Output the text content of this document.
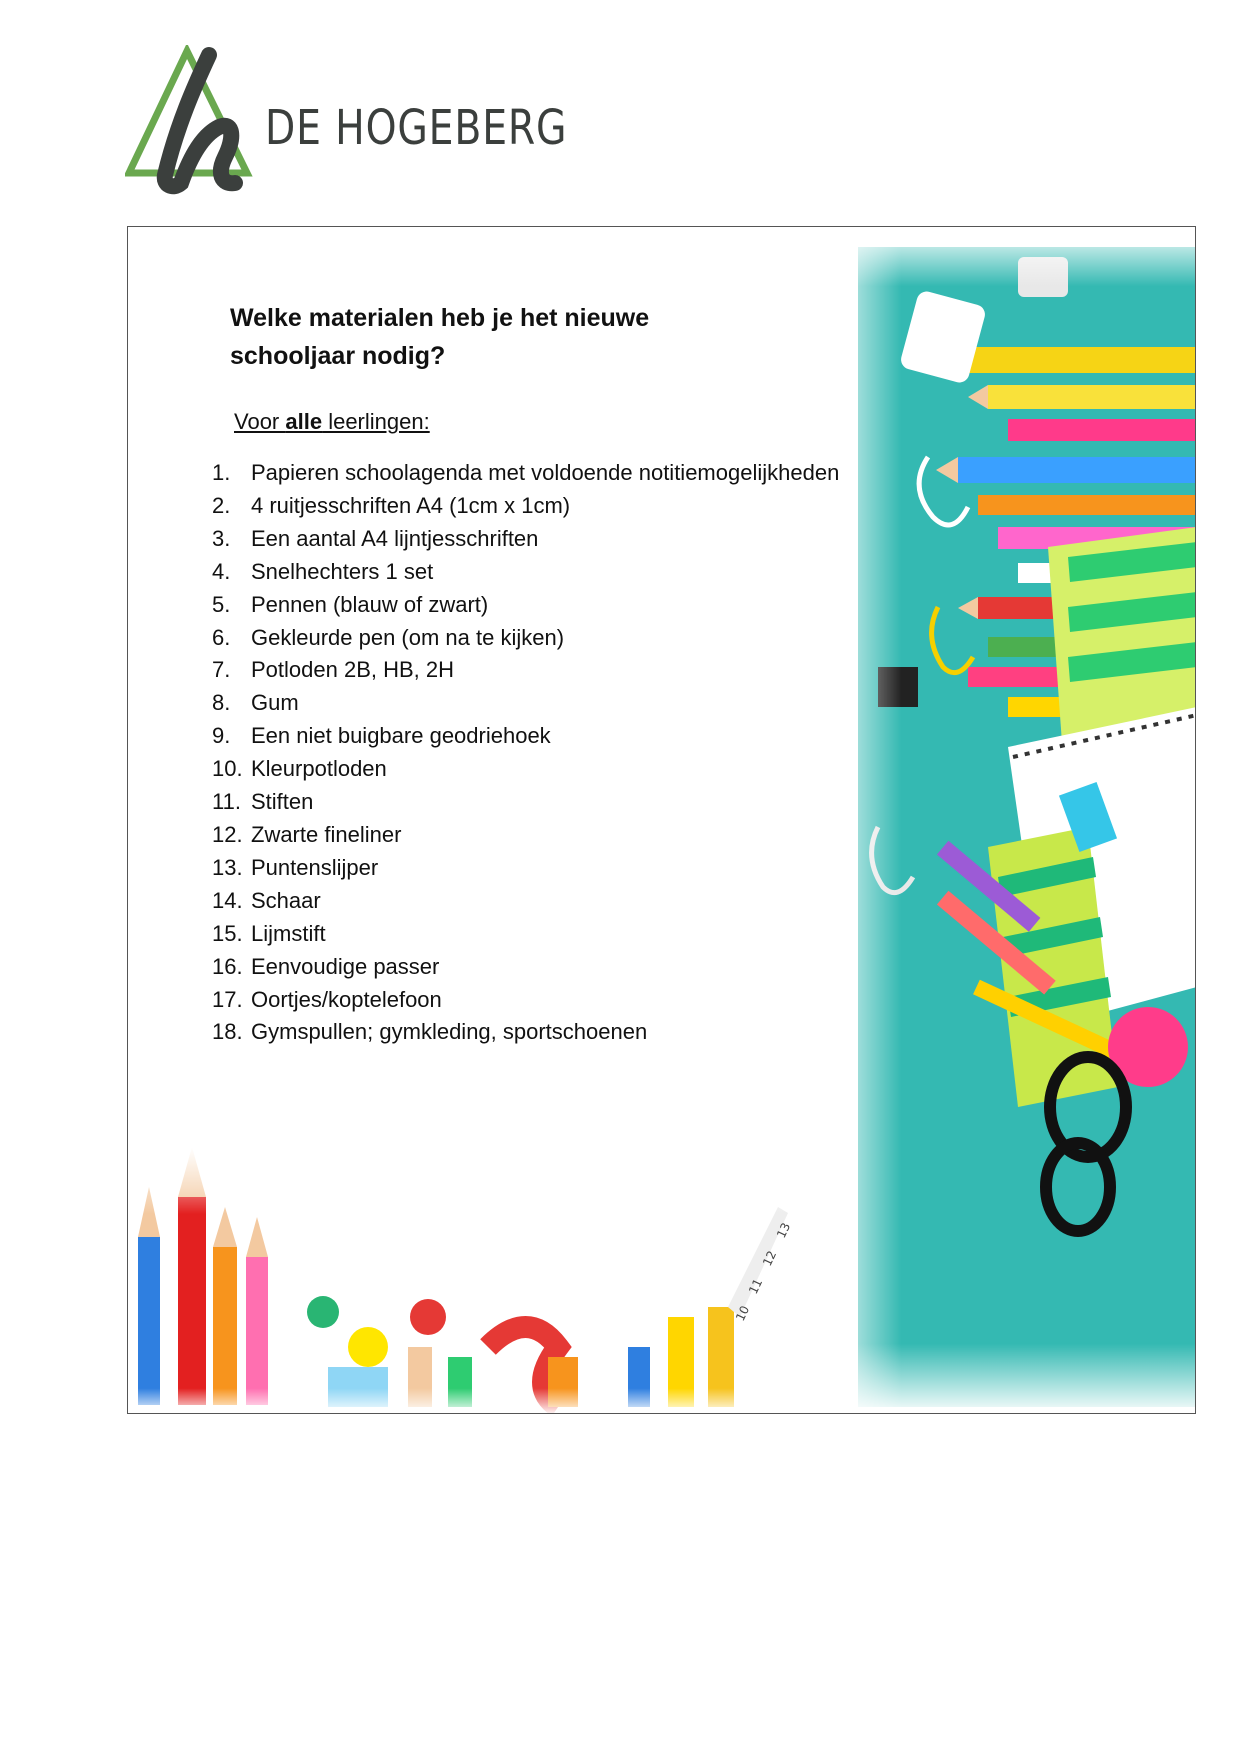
DE HOGEBERG
Welke materialen heb je het nieuwe
schooljaar nodig?
Voor alle leerlingen:
1. Papieren schoolagenda met voldoende notitiemogelijkheden
2. 4 ruitjesschriften A4 (1cm x 1cm)
3. Een aantal A4 lijntjesschriften
4. Snelhechters 1 set
5. Pennen (blauw of zwart)
6. Gekleurde pen (om na te kijken)
7. Potloden 2B, HB, 2H
8. Gum
9. Een niet buigbare geodriehoek
10. Kleurpotloden
11. Stiften
12. Zwarte fineliner
13. Puntenslijper
14. Schaar
15. Lijmstift
16. Eenvoudige passer
17. Oortjes/koptelefoon
18. Gymspullen; gymkleding, sportschoenen
